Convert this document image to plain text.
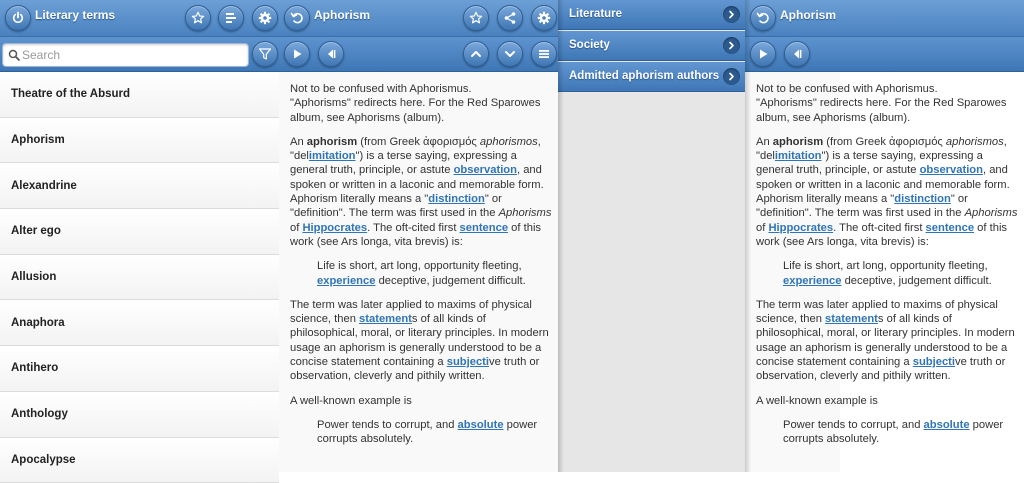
Literary terms
Search
Theatre of the Absurd
Aphorism
Alexandrine
Alter ego
Allusion
Anaphora
Antihero
Anthology
Apocalypse
Aphorism

Not to be confused with Aphorismus.
"Aphorisms" redirects here. For the Red Sparowes album, see Aphorisms (album).

An aphorism (from Greek ἀφορισμός aphorismos, "delimitation") is a terse saying, expressing a general truth, principle, or astute observation, and spoken or written in a laconic and memorable form. Aphorism literally means a "distinction" or "definition". The term was first used in the Aphorisms of Hippocrates. The oft-cited first sentence of this work (see Ars longa, vita brevis) is:

Life is short, art long, opportunity fleeting, experience deceptive, judgement difficult.

The term was later applied to maxims of physical science, then statements of all kinds of philosophical, moral, or literary principles. In modern usage an aphorism is generally understood to be a concise statement containing a subjective truth or observation, cleverly and pithily written.

A well-known example is

Power tends to corrupt, and absolute power corrupts absolutely.

Literature
Society
Admitted aphorism authors
Aphorism

Not to be confused with Aphorismus.
"Aphorisms" redirects here. For the Red Sparowes album, see Aphorisms (album).

An aphorism (from Greek ἀφορισμός aphorismos, "delimitation") is a terse saying, expressing a general truth, principle, or astute observation, and spoken or written in a laconic and memorable form. Aphorism literally means a "distinction" or "definition". The term was first used in the Aphorisms of Hippocrates. The oft-cited first sentence of this work (see Ars longa, vita brevis) is:

Life is short, art long, opportunity fleeting, experience deceptive, judgement difficult.

The term was later applied to maxims of physical science, then statements of all kinds of philosophical, moral, or literary principles. In modern usage an aphorism is generally understood to be a concise statement containing a subjective truth or observation, cleverly and pithily written.

A well-known example is

Power tends to corrupt, and absolute power corrupts absolutely.
